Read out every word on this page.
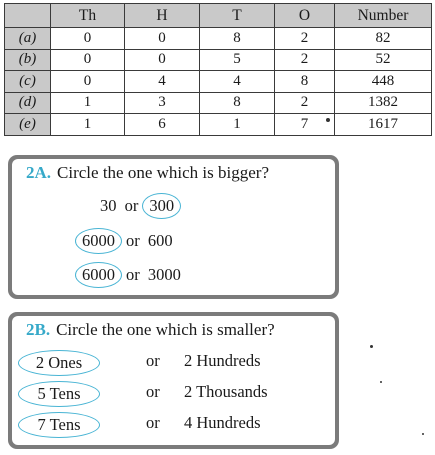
	Th	H	T	O	Number
(a)	0	0	8	2	82
(b)	0	0	5	2	52
(c)	0	4	4	8	448
(d)	1	3	8	2	1382
(e)	1	6	1	7	1617
2A. Circle the one which is bigger?
30 or 300
6000 or 600
6000 or 3000
2B. Circle the one which is smaller?
2 Ones	or 2 Hundreds
5 Tens	or 2 Thousands
7 Tens	or 4 Hundreds
